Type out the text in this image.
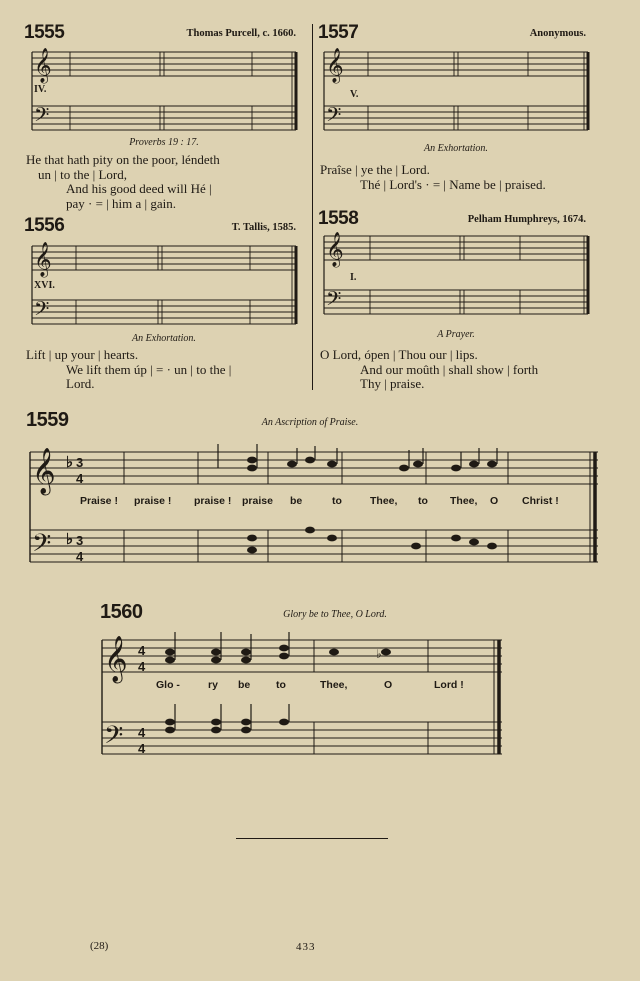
1555	Thomas Purcell, c. 1660.
𝄞
𝄢
Proverbs 19 : 17.
IV.

He that hath pity on the poor, léndeth

un | to the | Lord,

And his good deed will Hé |

pay · = | him a | gain.

1556	T. Tallis, 1585.
𝄞
𝄢
An Exhortation.
XVI.

Lift | up your | hearts.

We lift them úp | = · un | to the |

Lord.

1557	Anonymous.
𝄞
𝄢
An Exhortation.
V.

Praîse | ye the | Lord.

Thé | Lord's · = | Name be | praised.

1558	Pelham Humphreys, 1674.
𝄞
𝄢
A Prayer.
I.

O Lord, ópen | Thou our | lips.

And our moûth | shall show | forth

Thy | praise.

1559	An Ascription of Praise.
𝄞
𝄢
♭
♭
3
4
3
4
Praise ! praise ! praise ! praise be	to	Thee, to Thee, O Christ !
1560	Glory be to Thee, O Lord.
𝄞
𝄢
4
4
4
4
♭
Glo -	ry be to	Thee,	O	Lord !
(28)	433
